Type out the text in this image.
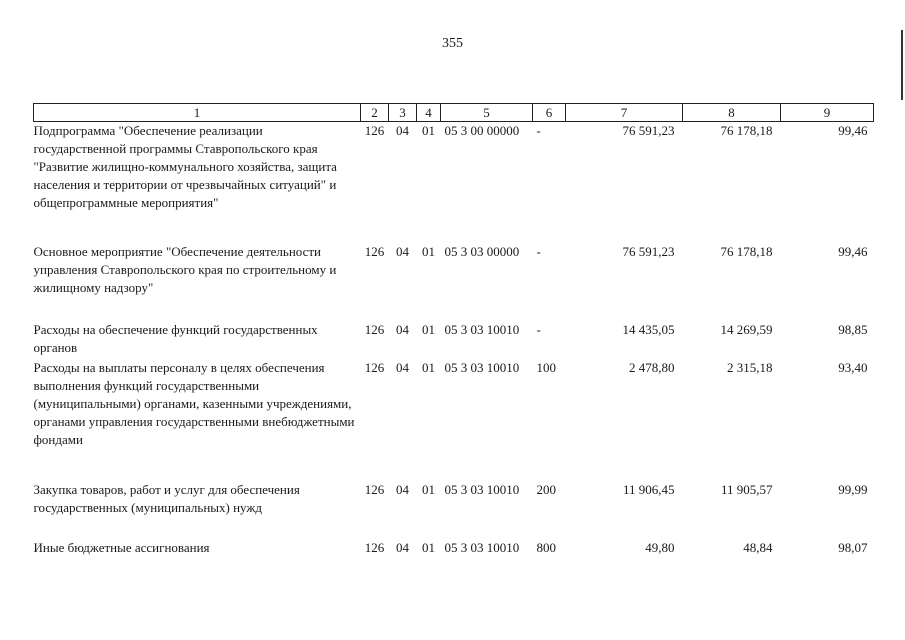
355
1	2	3	4	5	6	7	8	9
Подпрограмма "Обеспечение реализации государственной программы Ставропольского края "Развитие жилищно-коммунального хозяйства, защита населения и территории от чрезвычайных ситуаций" и общепрограммные мероприятия"	126	04	01	05 3 00 00000	-	76 591,23	76 178,18	99,46
Основное мероприятие "Обеспечение деятельности управления Ставропольского края по строительному и жилищному надзору"	126	04	01	05 3 03 00000	-	76 591,23	76 178,18	99,46
Расходы на обеспечение функций государственных органов	126	04	01	05 3 03 10010	-	14 435,05	14 269,59	98,85
Расходы на выплаты персоналу в целях обеспечения выполнения функций государственными (муниципальными) органами, казенными учреждениями, органами управления государственными внебюджетными фондами	126	04	01	05 3 03 10010	100	2 478,80	2 315,18	93,40
Закупка товаров, работ и услуг для обеспечения государственных (муниципальных) нужд	126	04	01	05 3 03 10010	200	11 906,45	11 905,57	99,99
Иные бюджетные ассигнования	126	04	01	05 3 03 10010	800	49,80	48,84	98,07
